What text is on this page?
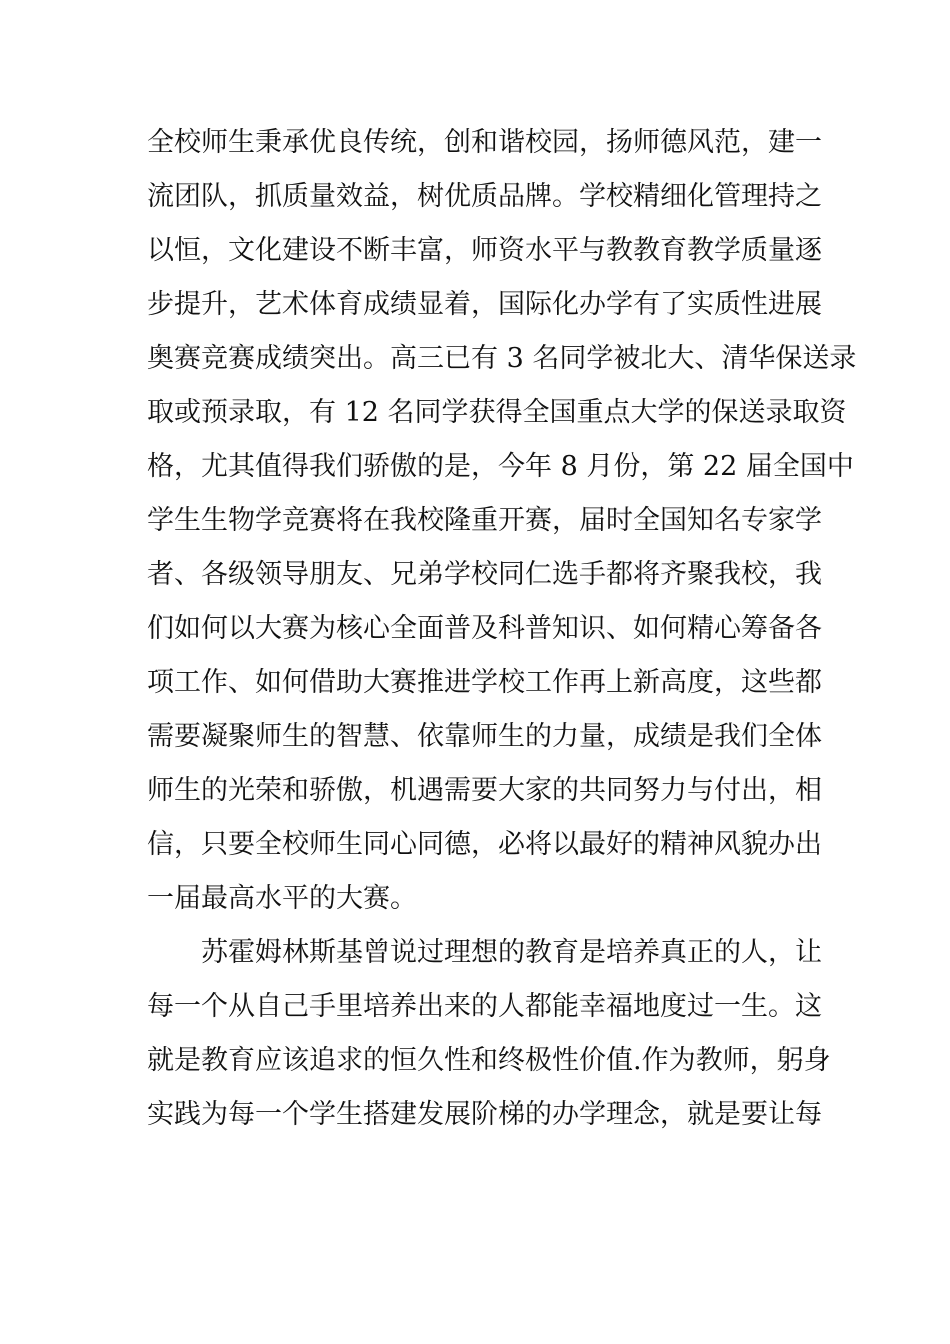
全校师生秉承优良传统，创和谐校园，扬师德风范，建一
流团队，抓质量效益，树优质品牌。学校精细化管理持之
以恒，文化建设不断丰富，师资水平与教教育教学质量逐
步提升，艺术体育成绩显着，国际化办学有了实质性进展
奥赛竞赛成绩突出。高三已有 3 名同学被北大、清华保送录
取或预录取，有 12 名同学获得全国重点大学的保送录取资
格，尤其值得我们骄傲的是，今年 8 月份，第 22 届全国中
学生生物学竞赛将在我校隆重开赛，届时全国知名专家学
者、各级领导朋友、兄弟学校同仁选手都将齐聚我校，我
们如何以大赛为核心全面普及科普知识、如何精心筹备各
项工作、如何借助大赛推进学校工作再上新高度，这些都
需要凝聚师生的智慧、依靠师生的力量，成绩是我们全体
师生的光荣和骄傲，机遇需要大家的共同努力与付出，相
信，只要全校师生同心同德，必将以最好的精神风貌办出
一届最高水平的大赛。
苏霍姆林斯基曾说过理想的教育是培养真正的人，让
每一个从自己手里培养出来的人都能幸福地度过一生。这
就是教育应该追求的恒久性和终极性价值.作为教师，躬身
实践为每一个学生搭建发展阶梯的办学理念，就是要让每
